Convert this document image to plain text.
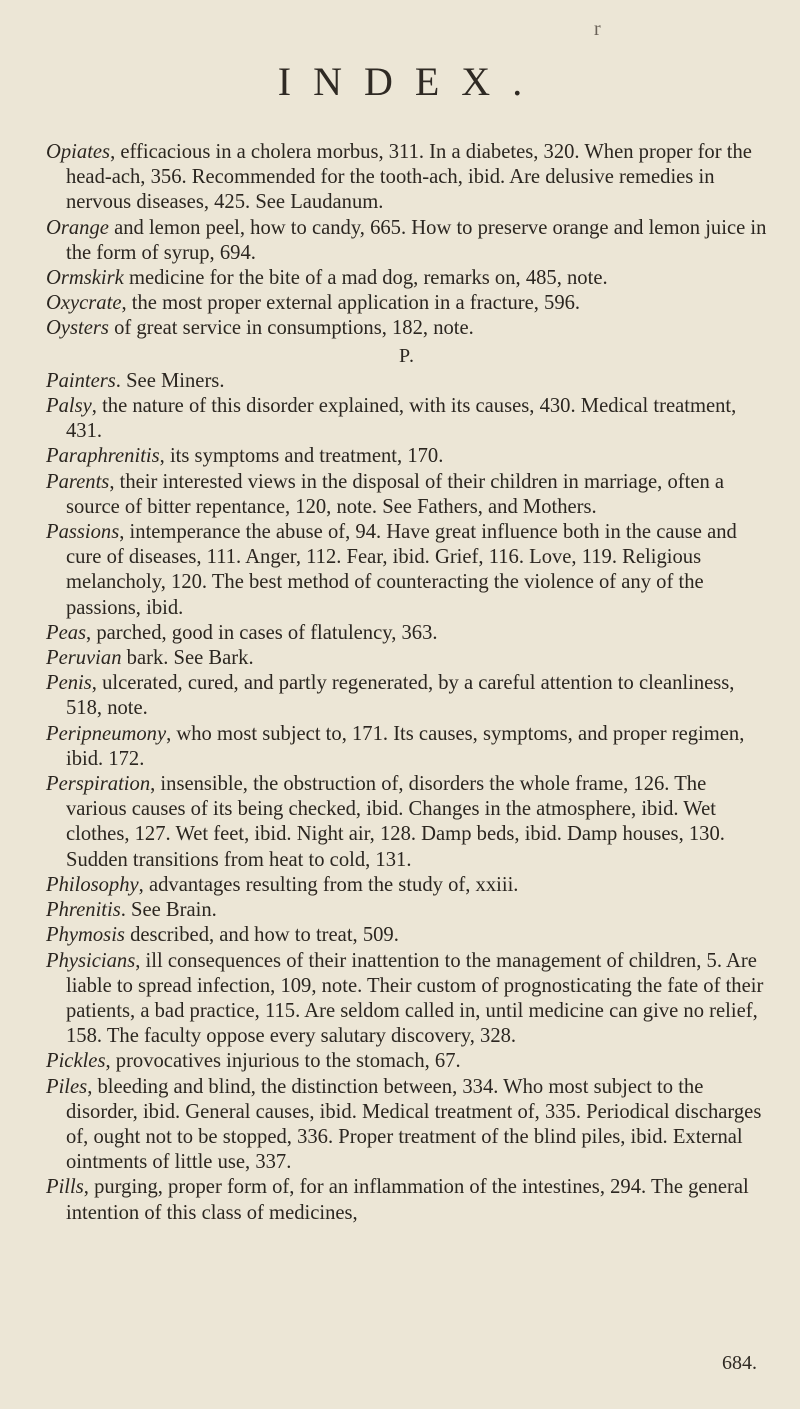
r
INDEX.

Opiates, efficacious in a cholera morbus, 311. In a diabetes, 320. When proper for the head-ach, 356. Recommended for the tooth-ach, ibid. Are delusive remedies in nervous diseases, 425. See Laudanum.

Orange and lemon peel, how to candy, 665. How to preserve orange and lemon juice in the form of syrup, 694.

Ormskirk medicine for the bite of a mad dog, remarks on, 485, note.

Oxycrate, the most proper external application in a fracture, 596.

Oysters of great service in consumptions, 182, note.

P.

Painters. See Miners.

Palsy, the nature of this disorder explained, with its causes, 430. Medical treatment, 431.

Paraphrenitis, its symptoms and treatment, 170.

Parents, their interested views in the disposal of their children in marriage, often a source of bitter repentance, 120, note. See Fathers, and Mothers.

Passions, intemperance the abuse of, 94. Have great influence both in the cause and cure of diseases, 111. Anger, 112. Fear, ibid. Grief, 116. Love, 119. Religious melancholy, 120. The best method of counteracting the violence of any of the passions, ibid.

Peas, parched, good in cases of flatulency, 363.

Peruvian bark. See Bark.

Penis, ulcerated, cured, and partly regenerated, by a careful attention to cleanliness, 518, note.

Peripneumony, who most subject to, 171. Its causes, symptoms, and proper regimen, ibid. 172.

Perspiration, insensible, the obstruction of, disorders the whole frame, 126. The various causes of its being checked, ibid. Changes in the atmosphere, ibid. Wet clothes, 127. Wet feet, ibid. Night air, 128. Damp beds, ibid. Damp houses, 130. Sudden transitions from heat to cold, 131.

Philosophy, advantages resulting from the study of, xxiii.

Phrenitis. See Brain.

Phymosis described, and how to treat, 509.

Physicians, ill consequences of their inattention to the management of children, 5. Are liable to spread infection, 109, note. Their custom of prognosticating the fate of their patients, a bad practice, 115. Are seldom called in, until medicine can give no relief, 158. The faculty oppose every salutary discovery, 328.

Pickles, provocatives injurious to the stomach, 67.

Piles, bleeding and blind, the distinction between, 334. Who most subject to the disorder, ibid. General causes, ibid. Medical treatment of, 335. Periodical discharges of, ought not to be stopped, 336. Proper treatment of the blind piles, ibid. External ointments of little use, 337.

Pills, purging, proper form of, for an inflammation of the intestines, 294. The general intention of this class of medicines,

684.
